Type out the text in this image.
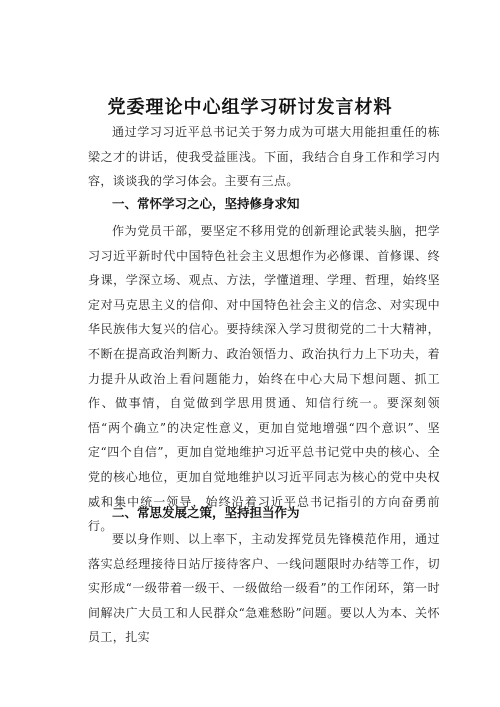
党委理论中心组学习研讨发言材料

通过学习习近平总书记关于努力成为可堪大用能担重任的栋梁之才的讲话，使我受益匪浅。下面，我结合自身工作和学习内容，谈谈我的学习体会。主要有三点。

一、常怀学习之心，坚持修身求知

作为党员干部，要坚定不移用党的创新理论武装头脑，把学习习近平新时代中国特色社会主义思想作为必修课、首修课、终身课，学深立场、观点、方法，学懂道理、学理、哲理，始终坚定对马克思主义的信仰、对中国特色社会主义的信念、对实现中华民族伟大复兴的信心。要持续深入学习贯彻党的二十大精神，不断在提高政治判断力、政治领悟力、政治执行力上下功夫，着力提升从政治上看问题能力，始终在中心大局下想问题、抓工作、做事情，自觉做到学思用贯通、知信行统一。要深刻领悟“两个确立”的决定性意义，更加自觉地增强“四个意识”、坚定“四个自信”，更加自觉地维护习近平总书记党中央的核心、全党的核心地位，更加自觉地维护以习近平同志为核心的党中央权威和集中统一领导，始终沿着习近平总书记指引的方向奋勇前行。

二、常思发展之策，坚持担当作为

要以身作则、以上率下，主动发挥党员先锋模范作用，通过落实总经理接待日站厅接待客户、一线问题限时办结等工作，切实形成“一级带着一级干、一级做给一级看”的工作闭环，第一时间解决广大员工和人民群众“急难愁盼”问题。要以人为本、关怀员工，扎实
